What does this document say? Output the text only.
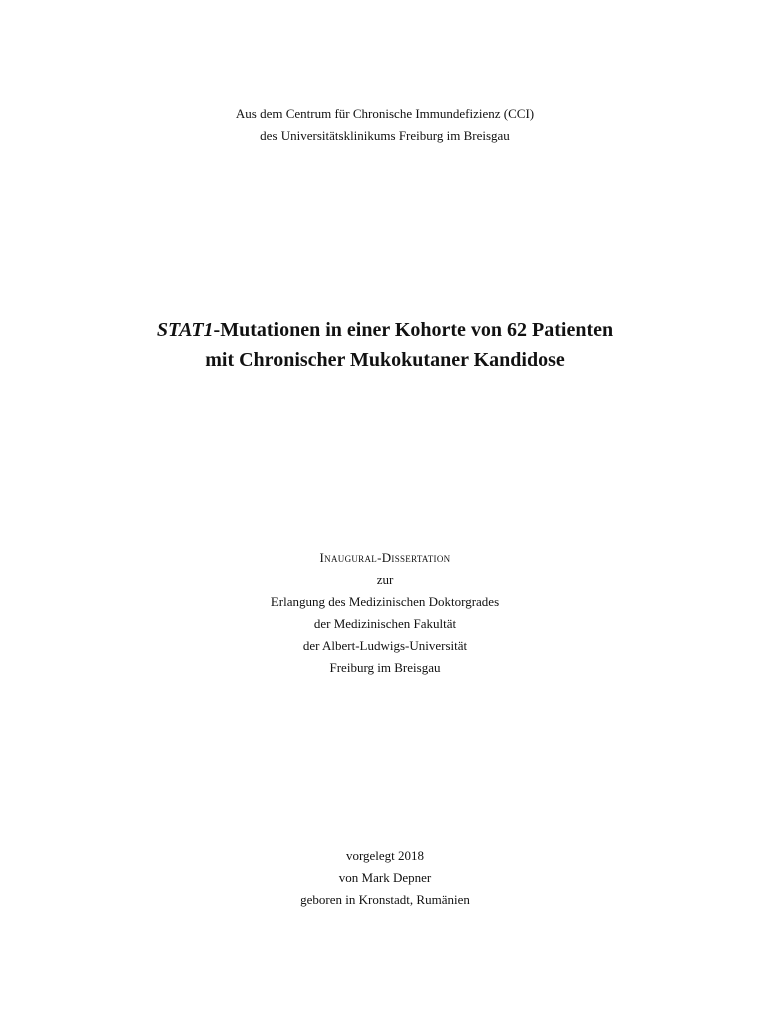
Aus dem Centrum für Chronische Immundefizienz (CCI)
des Universitätsklinikums Freiburg im Breisgau
STAT1-Mutationen in einer Kohorte von 62 Patienten
mit Chronischer Mukokutaner Kandidose
Inaugural-Dissertation
zur
Erlangung des Medizinischen Doktorgrades
der Medizinischen Fakultät
der Albert-Ludwigs-Universität
Freiburg im Breisgau
vorgelegt 2018
von Mark Depner
geboren in Kronstadt, Rumänien
